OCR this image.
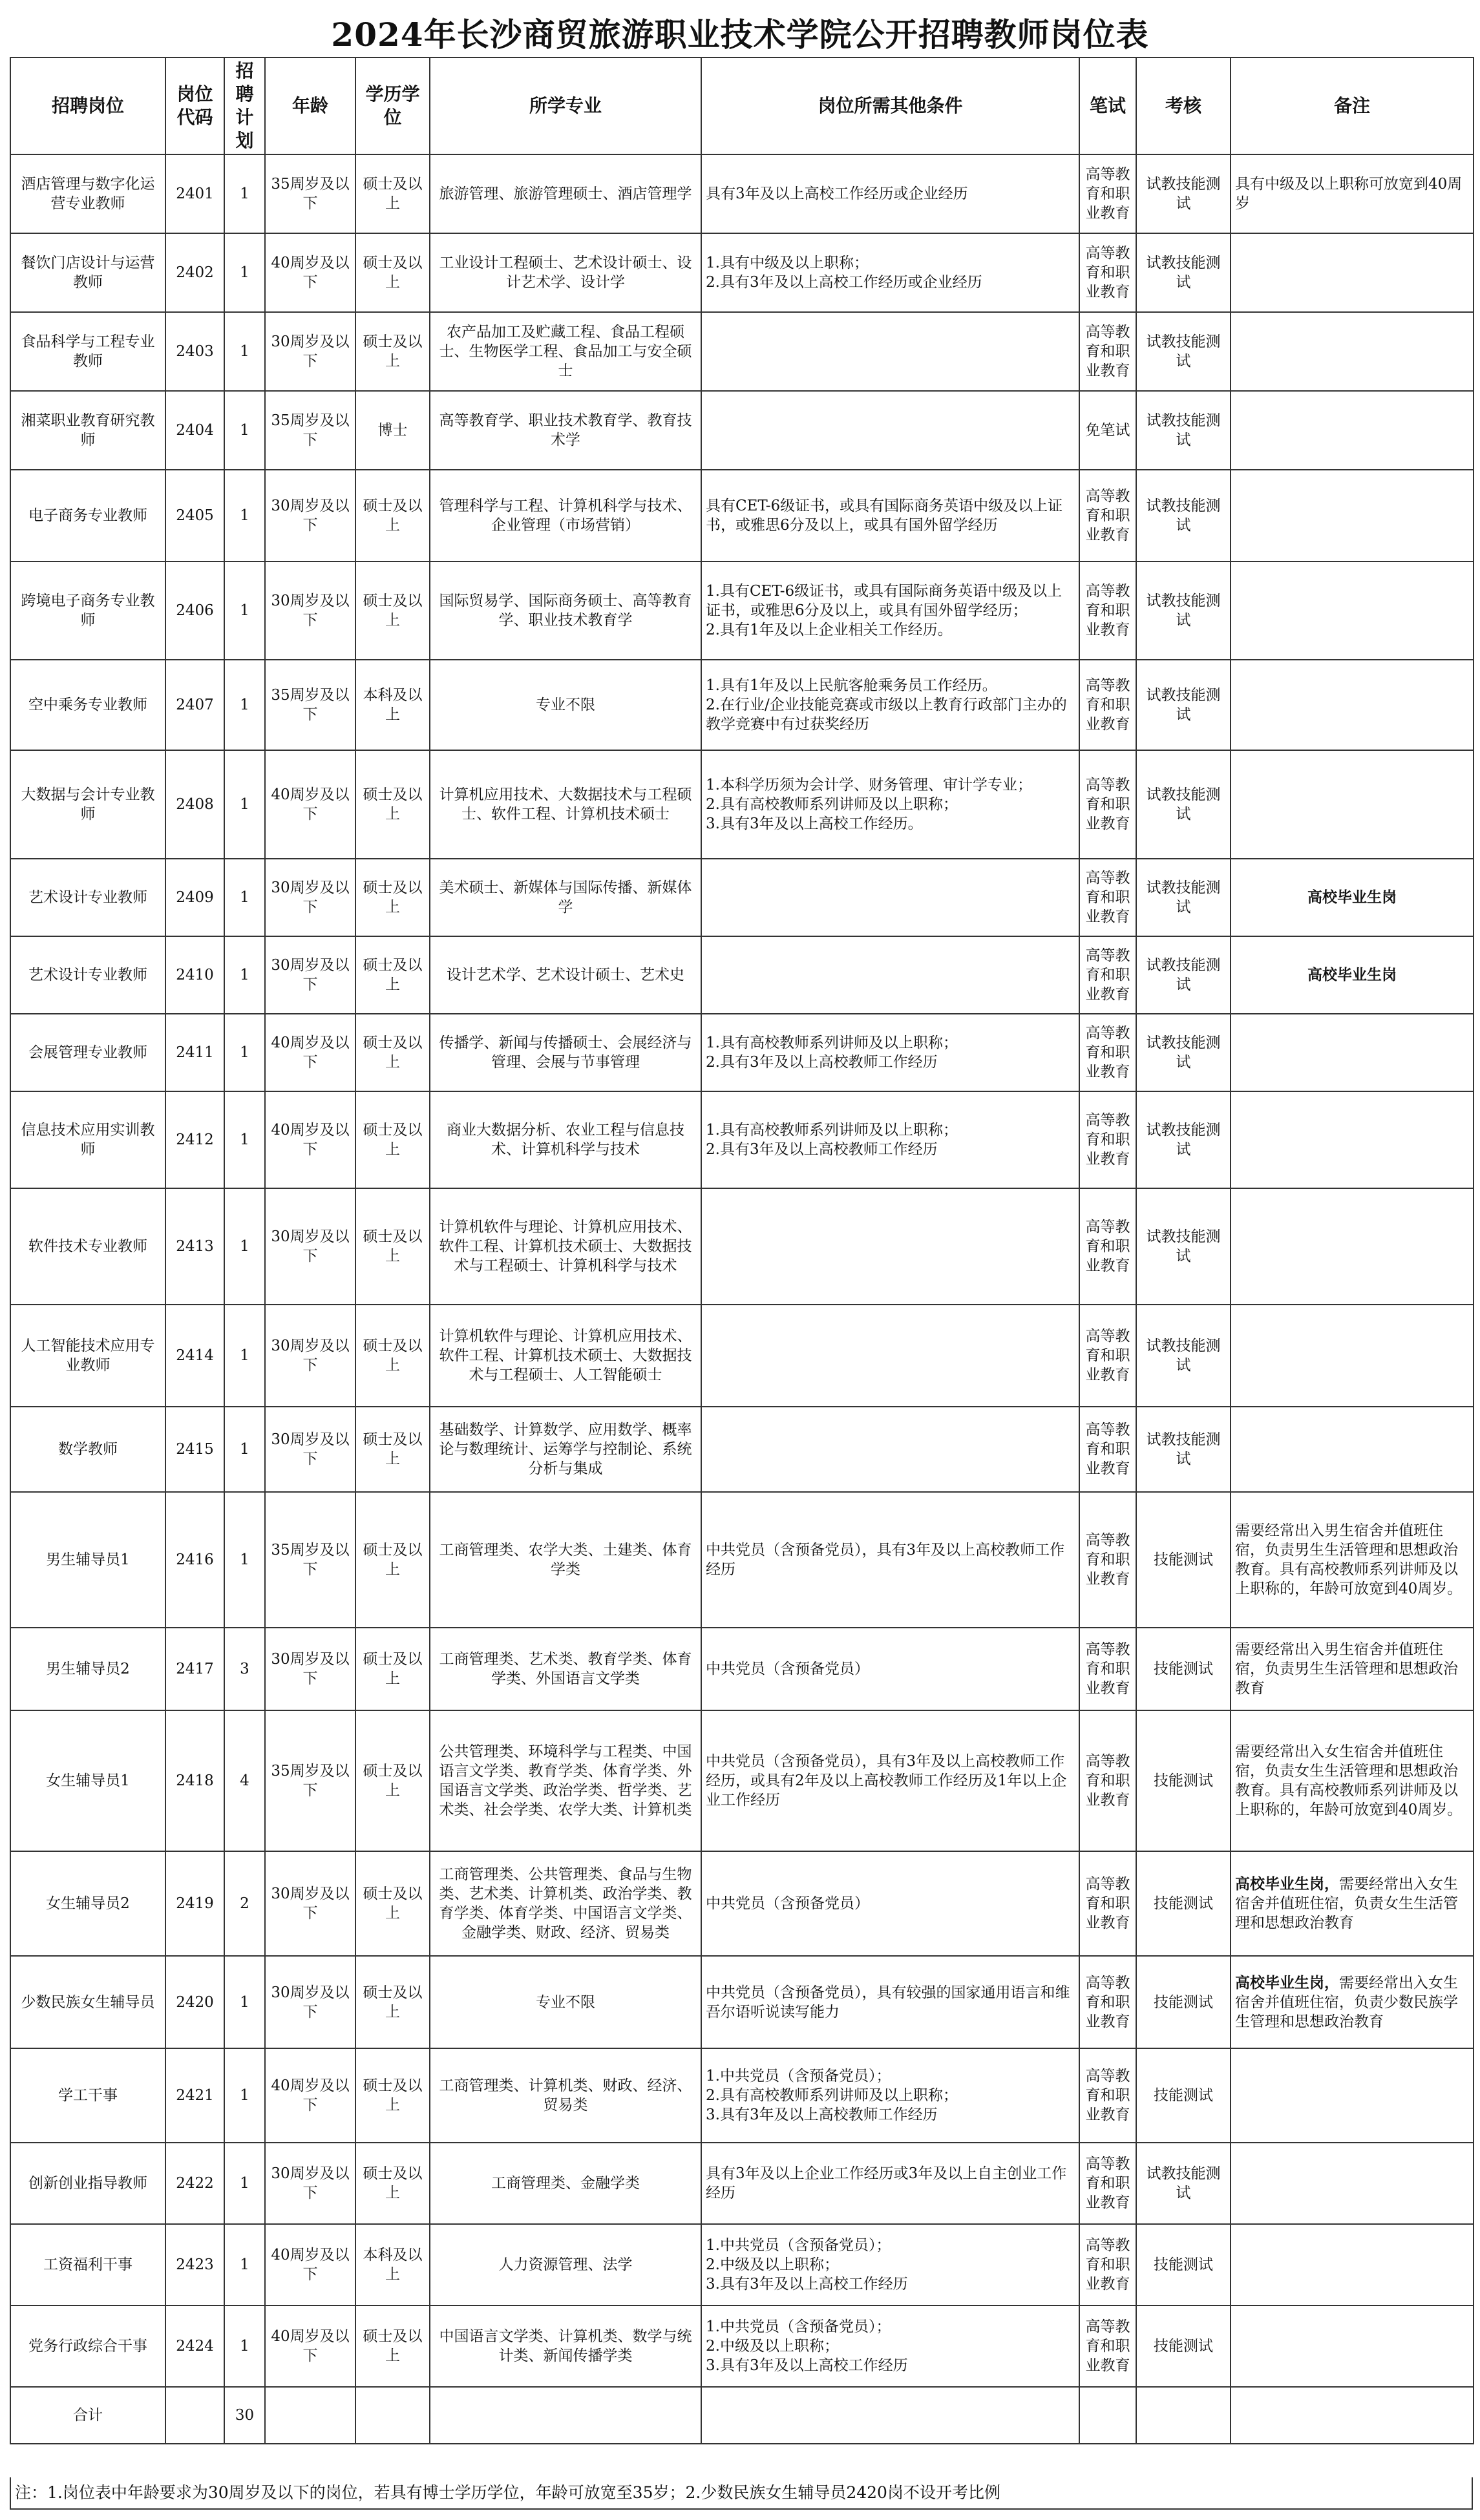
2024年长沙商贸旅游职业技术学院公开招聘教师岗位表
招聘岗位	岗位代码	招聘计划	年龄	学历学位	所学专业	岗位所需其他条件	笔试	考核	备注
酒店管理与数字化运营专业教师	2401	1	35周岁及以下	硕士及以上	旅游管理、旅游管理硕士、酒店管理学	具有3年及以上高校工作经历或企业经历	高等教育和职业教育	试教技能测试	具有中级及以上职称可放宽到40周岁
餐饮门店设计与运营教师	2402	1	40周岁及以下	硕士及以上	工业设计工程硕士、艺术设计硕士、设计艺术学、设计学	1.具有中级及以上职称；
2.具有3年及以上高校工作经历或企业经历	高等教育和职业教育	试教技能测试	
食品科学与工程专业教师	2403	1	30周岁及以下	硕士及以上	农产品加工及贮藏工程、食品工程硕士、生物医学工程、食品加工与安全硕士		高等教育和职业教育	试教技能测试	
湘菜职业教育研究教师	2404	1	35周岁及以下	博士	高等教育学、职业技术教育学、教育技术学		免笔试	试教技能测试	
电子商务专业教师	2405	1	30周岁及以下	硕士及以上	管理科学与工程、计算机科学与技术、企业管理（市场营销）	具有CET-6级证书，或具有国际商务英语中级及以上证书，或雅思6分及以上，或具有国外留学经历	高等教育和职业教育	试教技能测试	
跨境电子商务专业教师	2406	1	30周岁及以下	硕士及以上	国际贸易学、国际商务硕士、高等教育学、职业技术教育学	1.具有CET-6级证书，或具有国际商务英语中级及以上证书，或雅思6分及以上，或具有国外留学经历；
2.具有1年及以上企业相关工作经历。	高等教育和职业教育	试教技能测试	
空中乘务专业教师	2407	1	35周岁及以下	本科及以上	专业不限	1.具有1年及以上民航客舱乘务员工作经历。
2.在行业/企业技能竞赛或市级以上教育行政部门主办的教学竞赛中有过获奖经历	高等教育和职业教育	试教技能测试	
大数据与会计专业教师	2408	1	40周岁及以下	硕士及以上	计算机应用技术、大数据技术与工程硕士、软件工程、计算机技术硕士	1.本科学历须为会计学、财务管理、审计学专业；
2.具有高校教师系列讲师及以上职称；
3.具有3年及以上高校工作经历。	高等教育和职业教育	试教技能测试	
艺术设计专业教师	2409	1	30周岁及以下	硕士及以上	美术硕士、新媒体与国际传播、新媒体学		高等教育和职业教育	试教技能测试	高校毕业生岗
艺术设计专业教师	2410	1	30周岁及以下	硕士及以上	设计艺术学、艺术设计硕士、艺术史		高等教育和职业教育	试教技能测试	高校毕业生岗
会展管理专业教师	2411	1	40周岁及以下	硕士及以上	传播学、新闻与传播硕士、会展经济与管理、会展与节事管理	1.具有高校教师系列讲师及以上职称；
2.具有3年及以上高校教师工作经历	高等教育和职业教育	试教技能测试	
信息技术应用实训教师	2412	1	40周岁及以下	硕士及以上	商业大数据分析、农业工程与信息技术、计算机科学与技术	1.具有高校教师系列讲师及以上职称；
2.具有3年及以上高校教师工作经历	高等教育和职业教育	试教技能测试	
软件技术专业教师	2413	1	30周岁及以下	硕士及以上	计算机软件与理论、计算机应用技术、软件工程、计算机技术硕士、大数据技术与工程硕士、计算机科学与技术		高等教育和职业教育	试教技能测试	
人工智能技术应用专业教师	2414	1	30周岁及以下	硕士及以上	计算机软件与理论、计算机应用技术、软件工程、计算机技术硕士、大数据技术与工程硕士、人工智能硕士		高等教育和职业教育	试教技能测试	
数学教师	2415	1	30周岁及以下	硕士及以上	基础数学、计算数学、应用数学、概率论与数理统计、运筹学与控制论、系统分析与集成		高等教育和职业教育	试教技能测试	
男生辅导员1	2416	1	35周岁及以下	硕士及以上	工商管理类、农学大类、土建类、体育学类	中共党员（含预备党员），具有3年及以上高校教师工作经历	高等教育和职业教育	技能测试	需要经常出入男生宿舍并值班住宿，负责男生生活管理和思想政治教育。具有高校教师系列讲师及以上职称的，年龄可放宽到40周岁。
男生辅导员2	2417	3	30周岁及以下	硕士及以上	工商管理类、艺术类、教育学类、体育学类、外国语言文学类	中共党员（含预备党员）	高等教育和职业教育	技能测试	需要经常出入男生宿舍并值班住宿，负责男生生活管理和思想政治教育
女生辅导员1	2418	4	35周岁及以下	硕士及以上	公共管理类、环境科学与工程类、中国语言文学类、教育学类、体育学类、外国语言文学类、政治学类、哲学类、艺术类、社会学类、农学大类、计算机类	中共党员（含预备党员），具有3年及以上高校教师工作经历，或具有2年及以上高校教师工作经历及1年以上企业工作经历	高等教育和职业教育	技能测试	需要经常出入女生宿舍并值班住宿，负责女生生活管理和思想政治教育。具有高校教师系列讲师及以上职称的，年龄可放宽到40周岁。
女生辅导员2	2419	2	30周岁及以下	硕士及以上	工商管理类、公共管理类、食品与生物类、艺术类、计算机类、政治学类、教育学类、体育学类、中国语言文学类、金融学类、财政、经济、贸易类	中共党员（含预备党员）	高等教育和职业教育	技能测试	高校毕业生岗，需要经常出入女生宿舍并值班住宿，负责女生生活管理和思想政治教育
少数民族女生辅导员	2420	1	30周岁及以下	硕士及以上	专业不限	中共党员（含预备党员），具有较强的国家通用语言和维吾尔语听说读写能力	高等教育和职业教育	技能测试	高校毕业生岗，需要经常出入女生宿舍并值班住宿，负责少数民族学生管理和思想政治教育
学工干事	2421	1	40周岁及以下	硕士及以上	工商管理类、计算机类、财政、经济、贸易类	1.中共党员（含预备党员）；
2.具有高校教师系列讲师及以上职称；
3.具有3年及以上高校教师工作经历	高等教育和职业教育	技能测试	
创新创业指导教师	2422	1	30周岁及以下	硕士及以上	工商管理类、金融学类	具有3年及以上企业工作经历或3年及以上自主创业工作经历	高等教育和职业教育	试教技能测试	
工资福利干事	2423	1	40周岁及以下	本科及以上	人力资源管理、法学	1.中共党员（含预备党员）；
2.中级及以上职称；
3.具有3年及以上高校工作经历	高等教育和职业教育	技能测试	
党务行政综合干事	2424	1	40周岁及以下	硕士及以上	中国语言文学类、计算机类、数学与统计类、新闻传播学类	1.中共党员（含预备党员）；
2.中级及以上职称；
3.具有3年及以上高校工作经历	高等教育和职业教育	技能测试	
合计		30							
注：1.岗位表中年龄要求为30周岁及以下的岗位，若具有博士学历学位，年龄可放宽至35岁；2.少数民族女生辅导员2420岗不设开考比例
